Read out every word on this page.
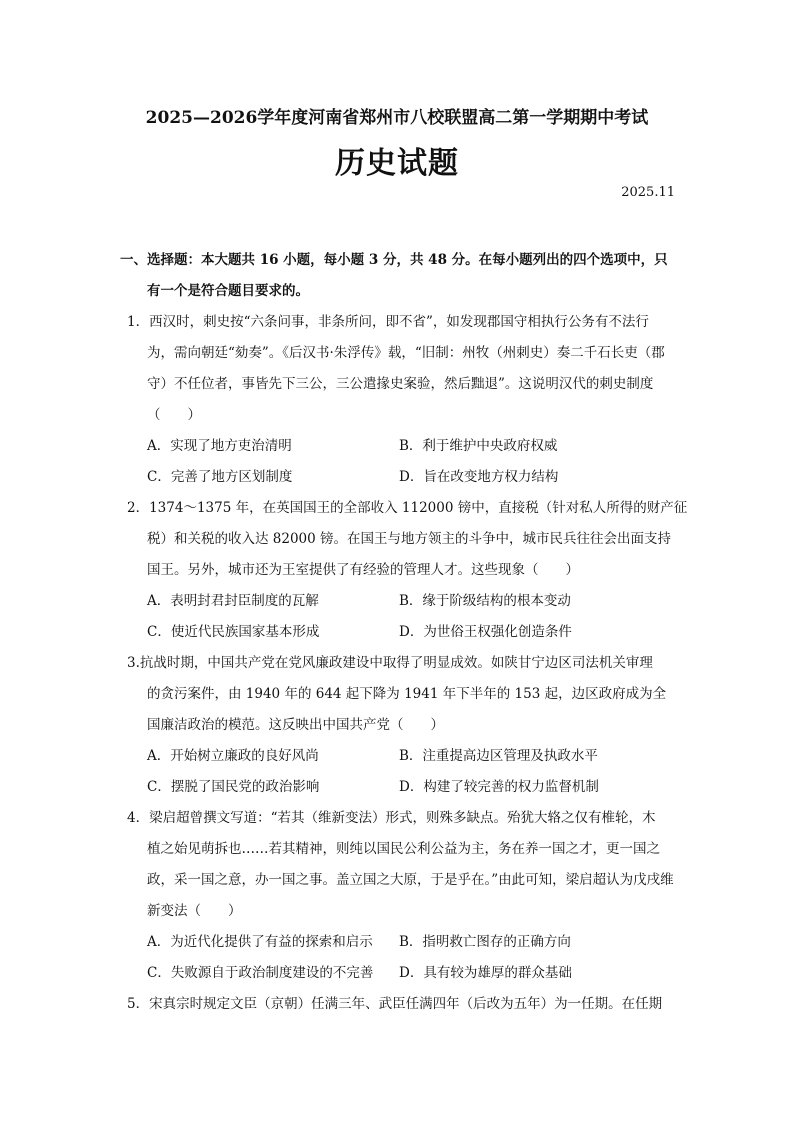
2025—2026学年度河南省郑州市八校联盟高二第一学期期中考试
历史试题
2025.11
一、选择题：本大题共 16 小题，每小题 3 分，共 48 分。在每小题列出的四个选项中，只
有一个是符合题目要求的。
1．西汉时，刺史按“六条问事，非条所问，即不省”，如发现郡国守相执行公务有不法行
为，需向朝廷“劾奏”。《后汉书·朱浮传》载，“旧制：州牧（州刺史）奏二千石长吏（郡守）不任位者，事皆先下三公，三公遣掾史案验，然后黜退”。这说明汉代的刺史制度（　　）
A．实现了地方吏治清明	B．利于维护中央政府权威
C．完善了地方区划制度	D．旨在改变地方权力结构
2．1374～1375 年，在英国国王的全部收入 112000 镑中，直接税（针对私人所得的财产征
税）和关税的收入达 82000 镑。在国王与地方领主的斗争中，城市民兵往往会出面支持国王。另外，城市还为王室提供了有经验的管理人才。这些现象（　　）
A．表明封君封臣制度的瓦解	B．缘于阶级结构的根本变动
C．使近代民族国家基本形成	D．为世俗王权强化创造条件
3.抗战时期，中国共产党在党风廉政建设中取得了明显成效。如陕甘宁边区司法机关审理
的贪污案件，由 1940 年的 644 起下降为 1941 年下半年的 153 起，边区政府成为全国廉洁政治的模范。这反映出中国共产党（　　）
A．开始树立廉政的良好风尚	B．注重提高边区管理及执政水平
C．摆脱了国民党的政治影响	D．构建了较完善的权力监督机制
4．梁启超曾撰文写道：“若其（维新变法）形式，则殊多缺点。殆犹大辂之仅有椎轮，木
植之始见萌拆也……若其精神，则纯以国民公利公益为主，务在养一国之才，更一国之政，采一国之意，办一国之事。盖立国之大原，于是乎在。”由此可知，梁启超认为戊戌维新变法（　　）
A．为近代化提供了有益的探索和启示 B．指明救亡图存的正确方向
C．失败源自于政治制度建设的不完善 D．具有较为雄厚的群众基础
5．宋真宗时规定文臣（京朝）任满三年、武臣任满四年（后改为五年）为一任期。在任期
